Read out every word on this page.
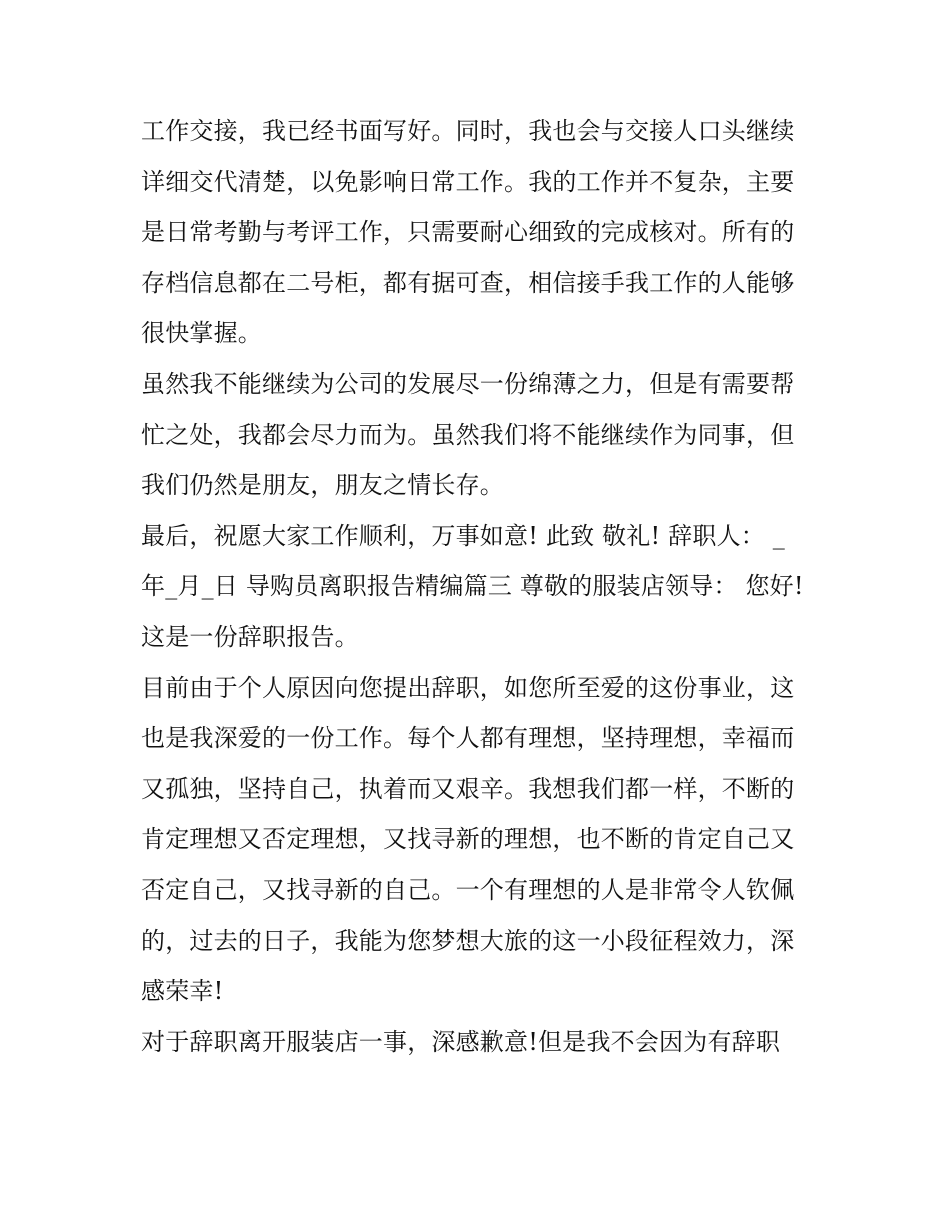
工作交接，我已经书面写好。同时，我也会与交接人口头继续
详细交代清楚，以免影响日常工作。我的工作并不复杂，主要
是日常考勤与考评工作，只需要耐心细致的完成核对。所有的
存档信息都在二号柜，都有据可查，相信接手我工作的人能够
很快掌握。
虽然我不能继续为公司的发展尽一份绵薄之力，但是有需要帮
忙之处，我都会尽力而为。虽然我们将不能继续作为同事，但
我们仍然是朋友，朋友之情长存。
最后，祝愿大家工作顺利，万事如意! 此致 敬礼! 辞职人： _
年_月_日 导购员离职报告精编篇三 尊敬的服装店领导： 您好!
这是一份辞职报告。
目前由于个人原因向您提出辞职，如您所至爱的这份事业，这
也是我深爱的一份工作。每个人都有理想，坚持理想，幸福而
又孤独，坚持自己，执着而又艰辛。我想我们都一样，不断的
肯定理想又否定理想，又找寻新的理想，也不断的肯定自己又
否定自己，又找寻新的自己。一个有理想的人是非常令人钦佩
的，过去的日子，我能为您梦想大旅的这一小段征程效力，深
感荣幸!
对于辞职离开服装店一事，深感歉意!但是我不会因为有辞职
